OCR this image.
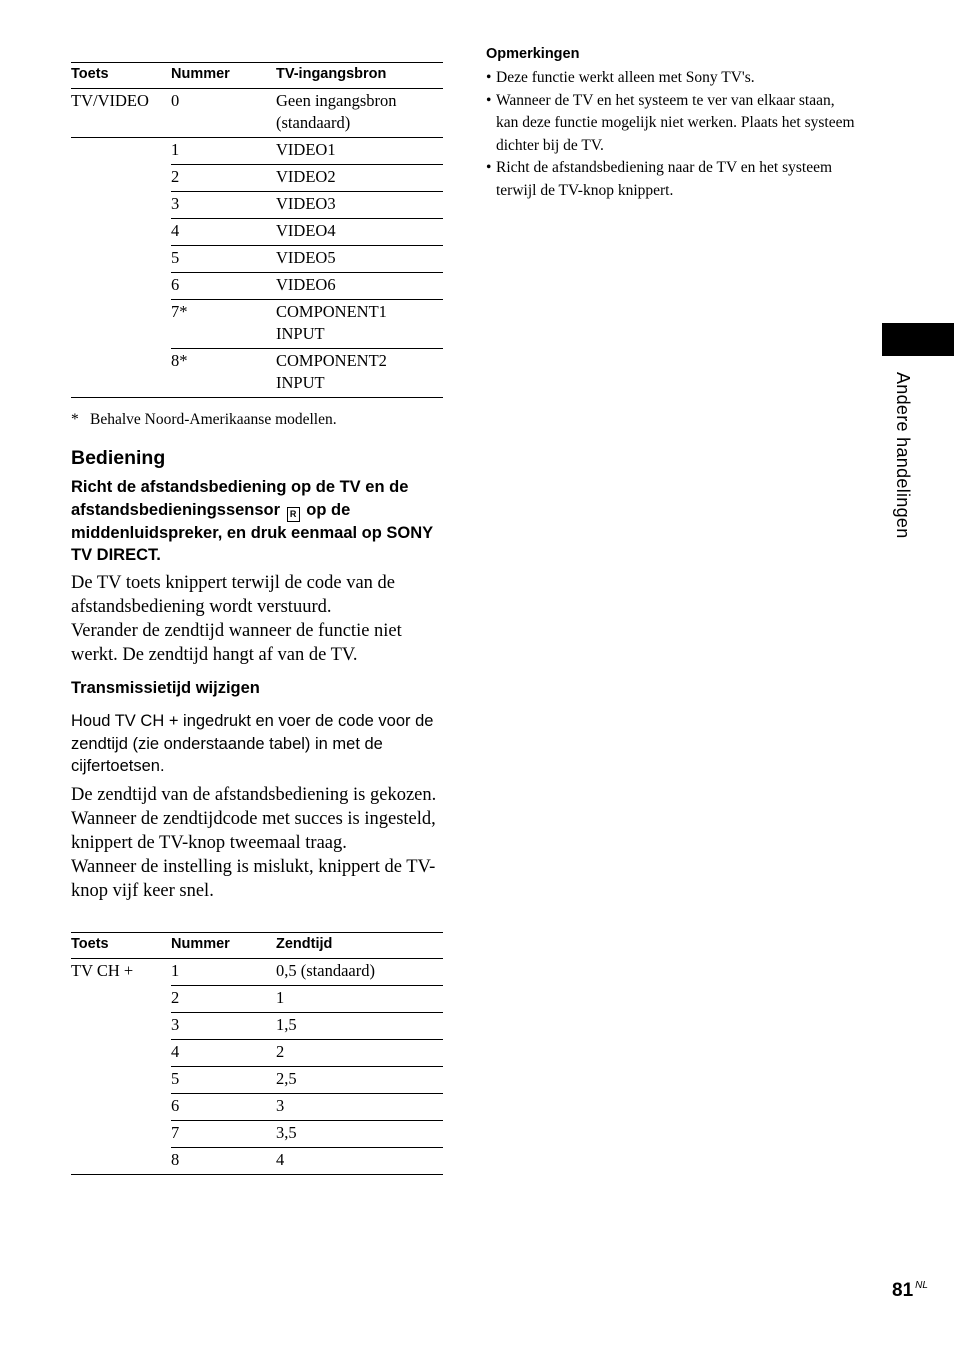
Toets	Nummer	TV-ingangsbron
TV/VIDEO	0	Geen ingangsbron
(standaard)
	1	VIDEO1
	2	VIDEO2
	3	VIDEO3
	4	VIDEO4
	5	VIDEO5
	6	VIDEO6
	7*	COMPONENT1
INPUT
	8*	COMPONENT2
INPUT
* Behalve Noord-Amerikaanse modellen.
Bediening
Richt de afstandsbediening op de TV en de afstandsbedieningssensor R op de middenluidspreker, en druk eenmaal op SONY TV DIRECT.

De TV toets knippert terwijl de code van de afstandsbediening wordt verstuurd.

Verander de zendtijd wanneer de functie niet werkt. De zendtijd hangt af van de TV.

Transmissietijd wijzigen
Houd TV CH + ingedrukt en voer de code voor de zendtijd (zie onderstaande tabel) in met de cijfertoetsen.

De zendtijd van de afstandsbediening is gekozen.

Wanneer de zendtijdcode met succes is ingesteld, knippert de TV-knop tweemaal traag.

Wanneer de instelling is mislukt, knippert de TV-knop vijf keer snel.

Toets	Nummer	Zendtijd
TV CH +	1	0,5 (standaard)
	2	1
	3	1,5
	4	2
	5	2,5
	6	3
	7	3,5
	8	4
Opmerkingen
• Deze functie werkt alleen met Sony TV's.
• Wanneer de TV en het systeem te ver van elkaar staan, kan deze functie mogelijk niet werken. Plaats het systeem dichter bij de TV.
• Richt de afstandsbediening naar de TV en het systeem terwijl de TV-knop knippert.
Andere handelingen
81 $^{NL}$
